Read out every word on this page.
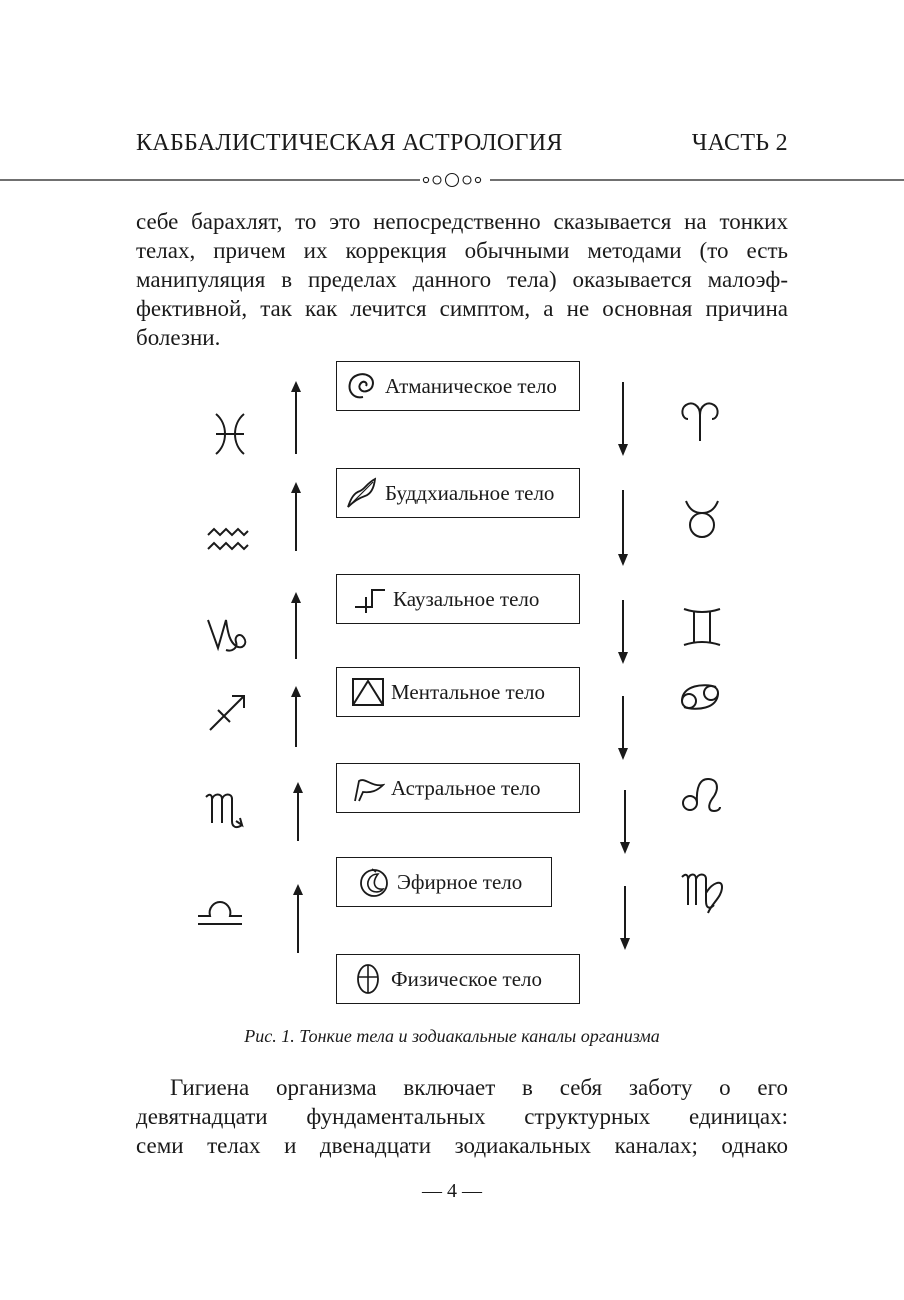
КАББАЛИСТИЧЕСКАЯ АСТРОЛОГИЯ	ЧАСТЬ 2
себе барахлят, то это непосредственно сказывается на тонких
телах, причем их коррекция обычными методами (то есть
манипуляция в пределах данного тела) оказывается малоэф-
фективной, так как лечится симптом, а не основная причина
болезни.
Атманическое тело
Буддхиальное тело
Каузальное тело
Ментальное тело
Астральное тело
Эфирное тело
Физическое тело
Рис. 1. Тонкие тела и зодиакальные каналы организма
Гигиена организма включает в себя заботу о его
девятнадцати фундаментальных структурных единицах:
семи телах и двенадцати зодиакальных каналах; однако
— 4 —
